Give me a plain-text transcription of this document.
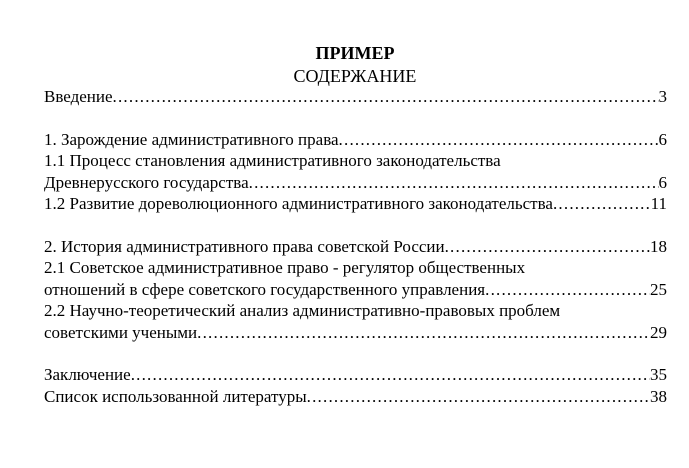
ПРИМЕР
СОДЕРЖАНИЕ
Введение .....	3
1. Зарождение административного права .....	6
1.1 Процесс становления административного законодательства
Древнерусского государства .....	6
1.2 Развитие дореволюционного административного законодательства .....	11
2. История административного права советской России .....	18
2.1 Советское административное право - регулятор общественных
отношений в сфере советского государственного управления .....	25
2.2 Научно-теоретический анализ административно-правовых проблем
советскими учеными .....	29
Заключение .....	35
Список использованной литературы .....	38
